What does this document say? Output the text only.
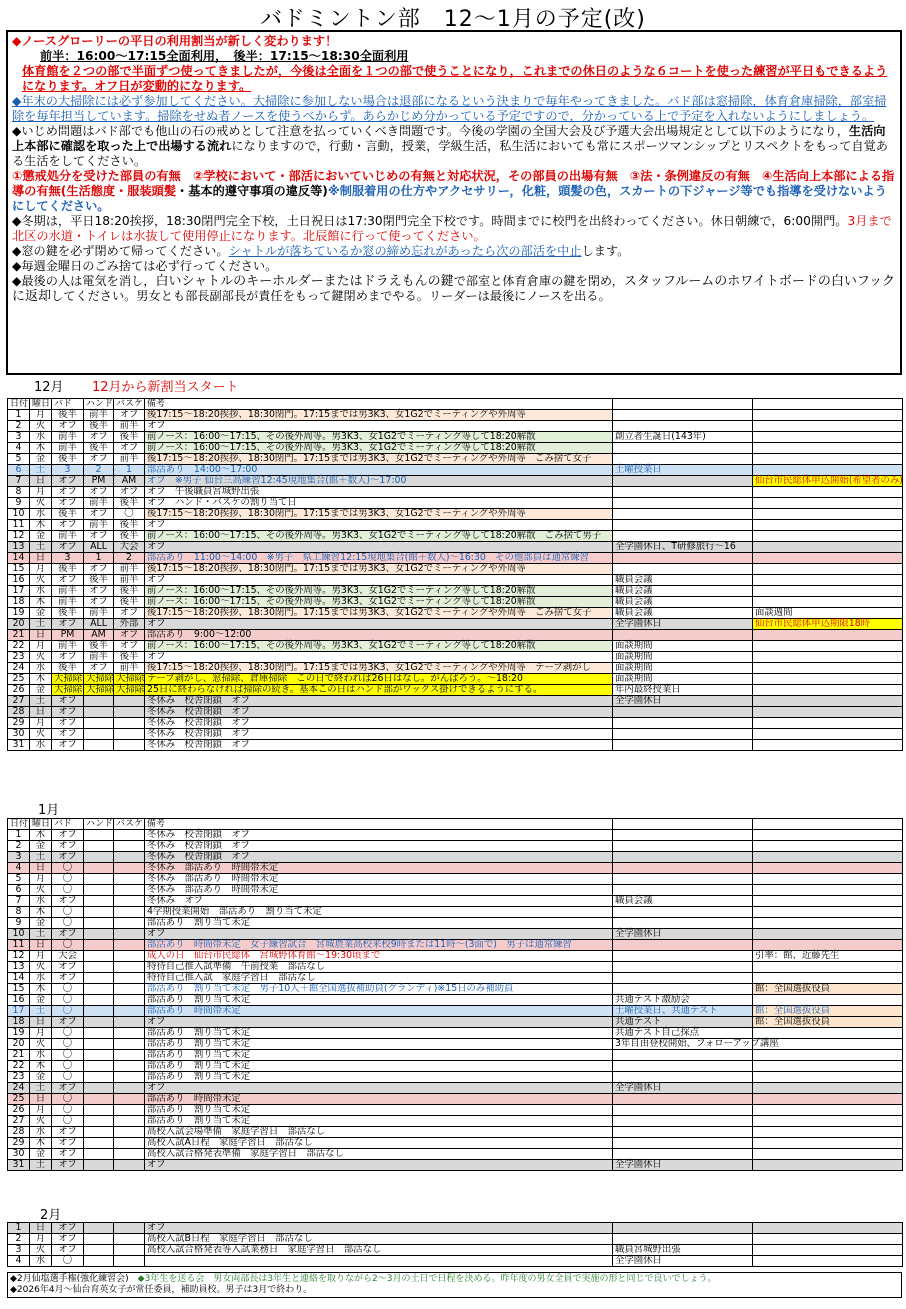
バドミントン部　12～1月の予定(改)

◆ノースグローリーの平日の利用割当が新しく変わります！

前半：16:00～17:15全面利用，　後半：17:15～18:30全面利用

体育館を２つの部で半面ずつ使ってきましたが，今後は全面を１つの部で使うことになり，これまでの休日のような６コートを使った練習が平日もできるようになります。オフ日が変動的になります。

◆年末の大掃除には必ず参加してください。大掃除に参加しない場合は退部になるという決まりで毎年やってきました。バド部は窓掃除，体育倉庫掃除，部室掃除を毎年担当しています。掃除をせぬ者ノースを使うべからず。あらかじめ分かっている予定ですので，分かっている上で予定を入れないようにしましょう。

◆いじめ問題はバド部でも他山の石の戒めとして注意を払っていくべき問題です。今後の学園の全国大会及び予選大会出場規定として以下のようになり，生活向上本部に確認を取った上で出場する流れになりますので，行動・言動，授業，学級生活，私生活においても常にスポーツマンシップとリスペクトをもって自覚ある生活をしてください。

①懲戒処分を受けた部員の有無　②学校において・部活においていじめの有無と対応状況，その部員の出場有無　③法・条例違反の有無　④生活向上本部による指導の有無(生活態度・服装頭髪・基本的遵守事項の違反等)※制服着用の仕方やアクセサリー，化粧，頭髪の色，スカートの下ジャージ等でも指導を受けないようにしてください。

◆冬期は，平日18:20挨拶，18:30閉門完全下校，土日祝日は17:30閉門完全下校です。時間までに校門を出終わってください。休日朝練で，6:00開門。3月まで北区の水道・トイレは水抜して使用停止になります。北辰館に行って使ってください。

◆窓の鍵を必ず閉めて帰ってください。シャトルが落ちているか窓の締め忘れがあったら次の部活を中止します。

◆毎週金曜日のごみ捨ては必ず行ってください。

◆最後の人は電気を消し，白いシャトルのキーホルダーまたはドラえもんの鍵で部室と体育倉庫の鍵を閉め，スタッフルームのホワイトボードの白いフックに返却してください。男女とも部長副部長が責任をもって鍵閉めまでやる。リーダーは最後にノースを出る。

12月 12月から新割当スタート
日付	曜日	バド	ハンド	バスケ	備考		
1	月	後半	前半	オフ	後17:15～18:20挨拶、18:30閉門。17:15までは男3K3、女1G2でミーティングや外周等		
2	火	オフ	後半	前半	オフ		
3	水	前半	オフ	後半	前ノース：16:00～17:15、その後外周等。男3K3、女1G2でミーティング等して18:20解散	創立者生誕日(143年)	
4	木	前半	後半	オフ	前ノース：16:00～17:15、その後外周等。男3K3、女1G2でミーティング等して18:20解散		
5	金	後半	オフ	前半	後17:15～18:20挨拶、18:30閉門。17:15までは男3K3、女1G2でミーティングや外周等　ごみ捨て女子		
6	土	3	2	1	部活あり　14:00～17:00	土曜授業日	
7	日	オフ	PM	AM	オフ　※男子 仙台三高練習12:45現地集合(館＋数人)～17:00		仙台市民総体申込開始(希望者のみ)
8	月	オフ	オフ	オフ	オフ　午後職員宮城野出張		
9	火	オフ	前半	後半	オフ　ハンド・バスケの割り当て日		
10	水	後半	オフ	〇	後17:15～18:20挨拶、18:30閉門。17:15までは男3K3、女1G2でミーティングや外周等		
11	木	オフ	前半	後半	オフ		
12	金	前半	オフ	後半	前ノース：16:00～17:15、その後外周等。男3K3、女1G2でミーティング等して18:20解散　ごみ捨て男子		
13	土	オフ	ALL	大会	オフ	全学園休日、T研修旅行～16	
14	日	3	1	2	部活あり　11:00～14:00　※男子　県工練習12:15現地集合(館＋数人)～16:30　その他部員は通常練習		
15	月	後半	オフ	前半	後17:15～18:20挨拶、18:30閉門。17:15までは男3K3、女1G2でミーティングや外周等		
16	火	オフ	後半	前半	オフ	職員会議	
17	水	前半	オフ	後半	前ノース：16:00～17:15、その後外周等。男3K3、女1G2でミーティング等して18:20解散	職員会議	
18	木	前半	オフ	後半	前ノース：16:00～17:15、その後外周等。男3K3、女1G2でミーティング等して18:20解散	職員会議	
19	金	後半	前半	オフ	後17:15～18:20挨拶、18:30閉門。17:15までは男3K3、女1G2でミーティングや外周等　ごみ捨て女子	職員会議	面談週間
20	土	オフ	ALL	外部	オフ	全学園休日	仙台市民総体申込期限18時
21	日	PM	AM	オフ	部活あり　9:00～12:00		
22	月	前半	後半	オフ	前ノース：16:00～17:15、その後外周等。男3K3、女1G2でミーティング等して18:20解散	面談期間	
23	火	オフ	前半	後半	オフ	面談期間	
24	水	後半	オフ	前半	後17:15～18:20挨拶、18:30閉門。17:15までは男3K3、女1G2でミーティングや外周等　テープ剥がし	面談期間	
25	木	大掃除	大掃除	大掃除	テープ剥がし、窓掃除、倉庫掃除　この日で終われば26日はなし。がんばろう。～18:20	面談期間	
26	金	大掃除	大掃除	大掃除	25日に終わらなければ掃除の続き。基本この日はハンド部がワックス掛けできるようにする。	年内最終授業日	
27	土	オフ			冬休み　校舎閉鎖　オフ	全学園休日	
28	日	オフ			冬休み　校舎閉鎖　オフ		
29	月	オフ			冬休み　校舎閉鎖　オフ		
30	火	オフ			冬休み　校舎閉鎖　オフ		
31	水	オフ			冬休み　校舎閉鎖　オフ		
1月
日付	曜日	バド	ハンド	バスケ	備考		
1	木	オフ			冬休み　校舎閉鎖　オフ		
2	金	オフ			冬休み　校舎閉鎖　オフ		
3	土	オフ			冬休み　校舎閉鎖　オフ		
4	日	〇			冬休み　部活あり　時間帯未定		
5	月	〇			冬休み　部活あり　時間帯未定		
6	火	〇			冬休み　部活あり　時間帯未定		
7	水	オフ			冬休み　オフ	職員会議	
8	木	〇			4学期授業開始　部活あり　割り当て未定		
9	金	〇			部活あり　割り当て未定		
10	土	オフ			オフ	全学園休日	
11	日	〇			部活あり　時間帯未定　女子練習試合　宮城農業高校来校9時または11時～(3面で)　男子は通常練習		
12	月	大会			成人の日　仙台市民総体　宮城野体育館～19:30頃まで		引率：館、近藤先生
13	火	オフ			特待自己推入試準備　午前授業　部活なし		
14	水	オフ			特待自己推入試　家庭学習日　部活なし		
15	木	〇			部活あり　割り当て未定　男子10人＋館全国選抜補助員(グランディ)※15日のみ補助員		館：全国選抜役員
16	金	〇			部活あり　割り当て未定	共通テスト激励会	
17	土	〇			部活あり　時間帯未定	土曜授業日、共通テスト	館：全国選抜役員
18	日	オフ			オフ	共通テスト	館：全国選抜役員
19	月	〇			部活あり　割り当て未定	共通テスト自己採点	
20	火	〇			部活あり　割り当て未定	3年自由登校開始、フォローアップ講座	
21	水	〇			部活あり　割り当て未定		
22	木	〇			部活あり　割り当て未定		
23	金	〇			部活あり　割り当て未定		
24	土	オフ			オフ	全学園休日	
25	日	〇			部活あり　時間帯未定		
26	月	〇			部活あり　割り当て未定		
27	火	〇			部活あり　割り当て未定		
28	水	オフ			高校入試会場準備　家庭学習日　部活なし		
29	木	オフ			高校入試A日程　家庭学習日　部活なし		
30	金	オフ			高校入試合格発表準備　家庭学習日　部活なし		
31	土	オフ			オフ	全学園休日	
2月
1	日	オフ			オフ		
2	月	オフ			高校入試B日程　家庭学習日　部活なし		
3	火	オフ			高校入試合格発表等入試業務日　家庭学習日　部活なし	職員宮城野出張	
4	水	〇				全学園休日	
◆2月仙塩選手権(強化練習会)　◆3年生を送る会　男女両部長は3年生と連絡を取りながら2～3月の土日で日程を決める。昨年度の男女全員で実施の形と同じで良いでしょう。
◆2026年4月～仙台育英女子が常任委員，補助員校。男子は3月で終わり。
